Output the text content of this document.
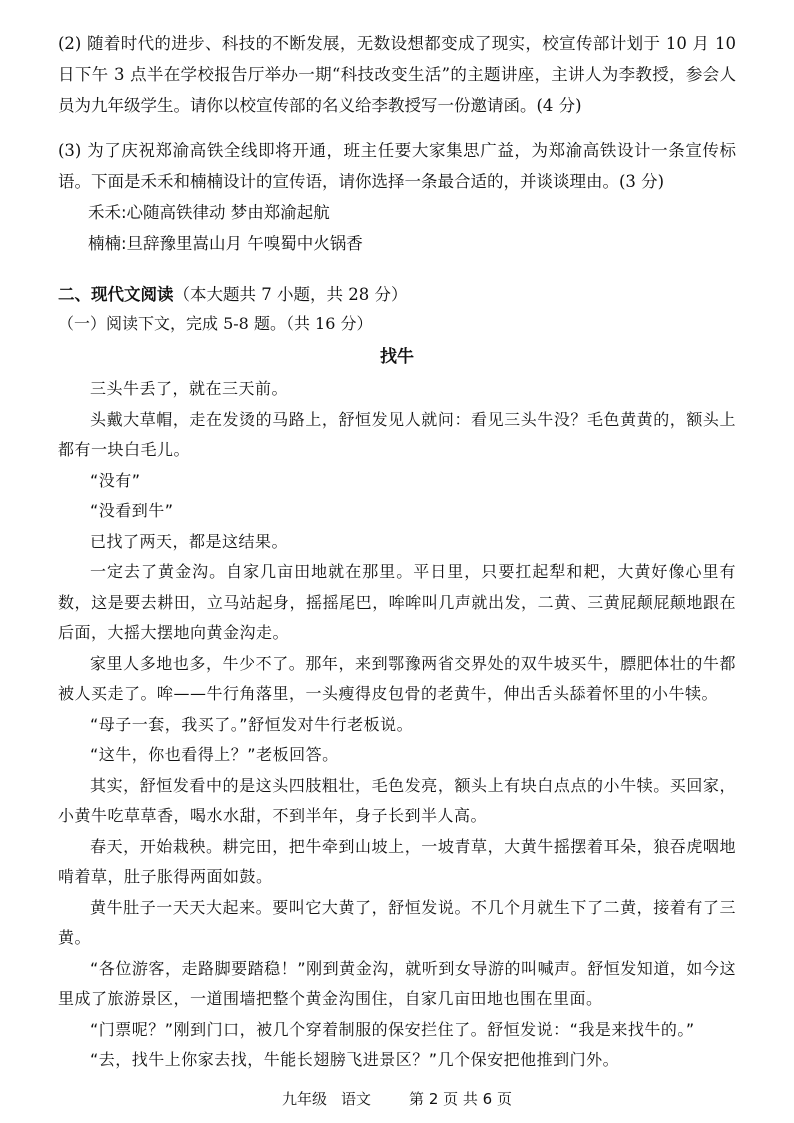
(2) 随着时代的进步、科技的不断发展，无数设想都变成了现实，校宣传部计划于 10 月 10 日下午 3 点半在学校报告厅举办一期“科技改变生活”的主题讲座，主讲人为李教授，参会人员为九年级学生。请你以校宣传部的名义给李教授写一份邀请函。(4 分)

(3) 为了庆祝郑渝高铁全线即将开通，班主任要大家集思广益，为郑渝高铁设计一条宣传标语。下面是禾禾和楠楠设计的宣传语，请你选择一条最合适的，并谈谈理由。(3 分)

禾禾:心随高铁律动 梦由郑渝起航

楠楠:旦辞豫里嵩山月 午嗅蜀中火锅香

二、现代文阅读（本大题共 7 小题，共 28 分）

（一）阅读下文，完成 5-8 题。（共 16 分）

找牛

三头牛丢了，就在三天前。

头戴大草帽，走在发烫的马路上，舒恒发见人就问：看见三头牛没？毛色黄黄的，额头上都有一块白毛儿。

“没有”

“没看到牛”

已找了两天，都是这结果。

一定去了黄金沟。自家几亩田地就在那里。平日里，只要扛起犁和耙，大黄好像心里有数，这是要去耕田，立马站起身，摇摇尾巴，哞哞叫几声就出发，二黄、三黄屁颠屁颠地跟在后面，大摇大摆地向黄金沟走。

家里人多地也多，牛少不了。那年，来到鄂豫两省交界处的双牛坡买牛，膘肥体壮的牛都被人买走了。哞——牛行角落里，一头瘦得皮包骨的老黄牛，伸出舌头舔着怀里的小牛犊。

“母子一套，我买了。”舒恒发对牛行老板说。

“这牛，你也看得上？”老板回答。

其实，舒恒发看中的是这头四肢粗壮，毛色发亮，额头上有块白点点的小牛犊。买回家，小黄牛吃草草香，喝水水甜，不到半年，身子长到半人高。

春天，开始栽秧。耕完田，把牛牵到山坡上，一坡青草，大黄牛摇摆着耳朵，狼吞虎咽地啃着草，肚子胀得两面如鼓。

黄牛肚子一天天大起来。要叫它大黄了，舒恒发说。不几个月就生下了二黄，接着有了三黄。

“各位游客，走路脚要踏稳！”刚到黄金沟，就听到女导游的叫喊声。舒恒发知道，如今这里成了旅游景区，一道围墙把整个黄金沟围住，自家几亩田地也围在里面。

“门票呢？”刚到门口，被几个穿着制服的保安拦住了。舒恒发说：“我是来找牛的。”

“去，找牛上你家去找，牛能长翅膀飞进景区？”几个保安把他推到门外。

九年级 语文	第 2 页 共 6 页
